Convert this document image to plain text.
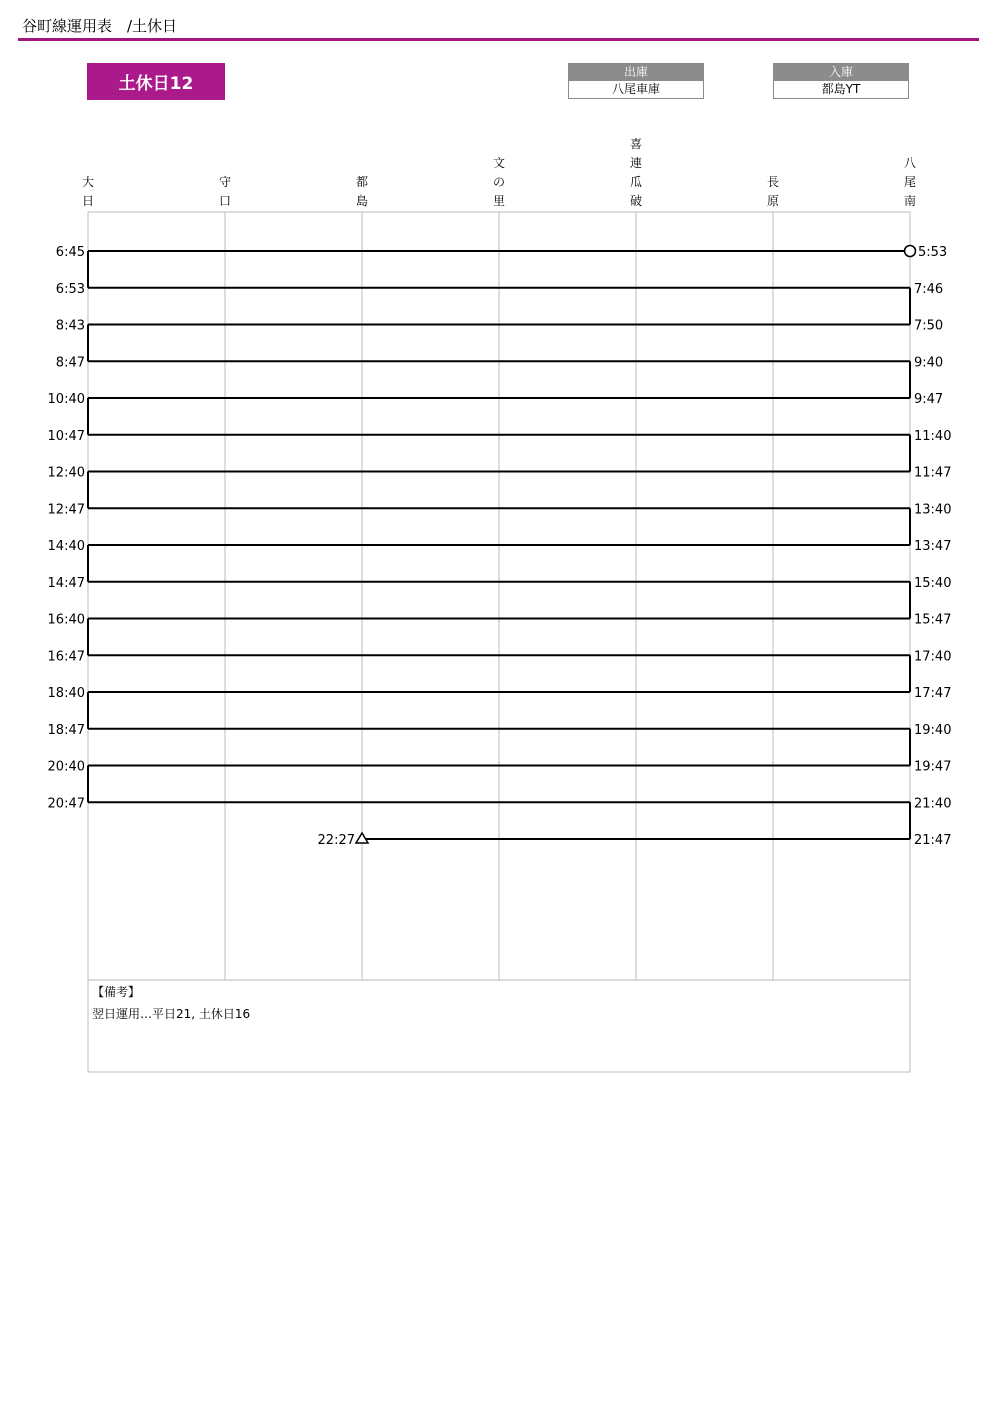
谷町線運用表　/土休日
土休日12
出庫
八尾車庫
入庫
都島YT
大
日
守
口
都
島
文
の
里
喜
連
瓜
破
長
原
八
尾
南
5:53
6:45
6:53	7:46
7:50
8:43
8:47	9:40
9:47
10:40
10:47	11:40
11:47
12:40
12:47	13:40
13:47
14:40
14:47	15:40
15:47
16:40
16:47	17:40
17:47
18:40
18:47	19:40
19:47
20:40
20:47	21:40
21:47
22:27
【備考】
翌日運用…平日21, 土休日16
